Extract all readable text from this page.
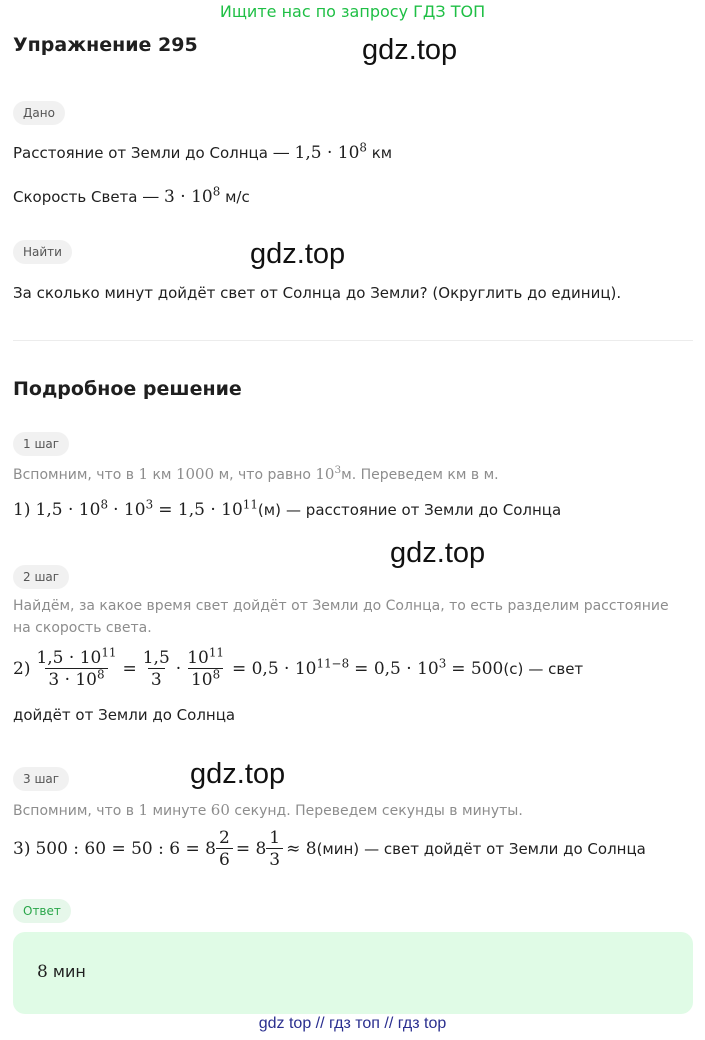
Ищите нас по запросу ГДЗ ТОП
Упражнение 295	gdz.top
gdz.top
gdz.top
gdz.top
Дано
Расстояние от Земли до Солнца — $1,5 \cdot 10^8$ км
Скорость Света — $3 \cdot 10^8$ м/с
Найти
За сколько минут дойдёт свет от Солнца до Земли? (Округлить до единиц).
Подробное решение
1 шаг
Вспомним, что в 1 км 1000 м, что равно $10^3м$. Переведем км в м.
1) $1,5 \cdot 10^8 \cdot 10^3 = 1,5 \cdot 10^{11}(м)$ — расстояние от Земли до Солнца
2 шаг
Найдём, за какое время свет дойдёт от Земли до Солнца, то есть разделим расстояние
на скорость света.
$2) \frac{1,5 \cdot 10^{11}}{3 \cdot 10^8} = \frac{1,5}{3} \cdot \frac{10^{11}}{10^8} = 0,5 \cdot 10^{11-8} = 0,5 \cdot 10^3 = 500$ (с) — свет
дойдёт от Земли до Солнца
3 шаг
Вспомним, что в 1 минуте 60 секунд. Переведем секунды в минуты.
3) 500 : 60 = 50 : $6 = 8 \frac{2}{6} = 8 \frac{1}{3} \approx 8$ (мин) — свет дойдёт от Земли до Солнца
Ответ
8 мин
gdz top // гдз топ // гдз top
